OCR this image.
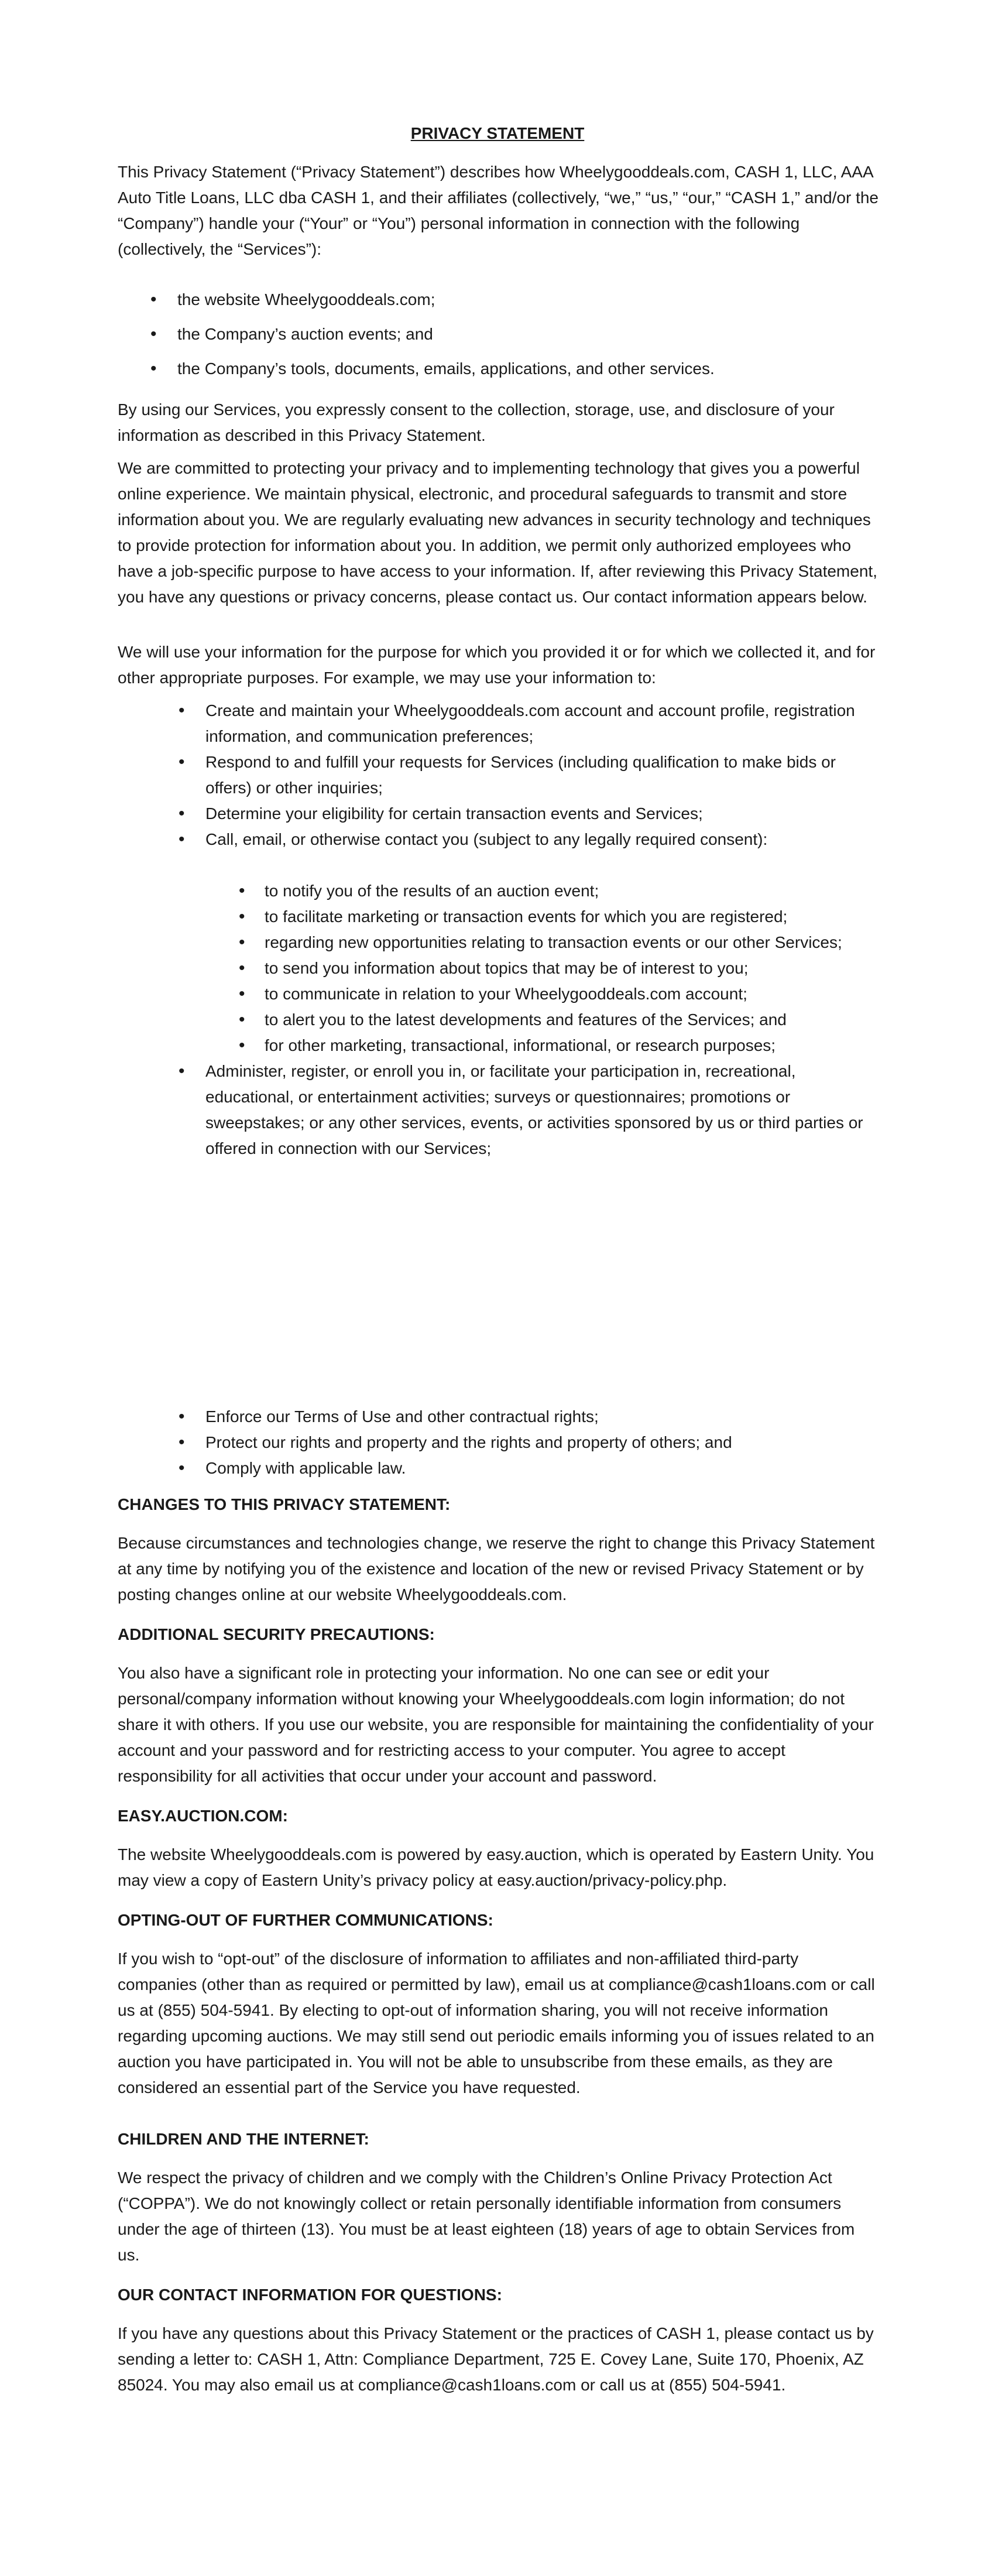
PRIVACY STATEMENT

This Privacy Statement (“Privacy Statement”) describes how Wheelygooddeals.com, CASH 1, LLC, AAA Auto Title Loans, LLC dba CASH 1, and their affiliates (collectively, “we,” “us,” “our,” “CASH 1,” and/or the “Company”) handle your (“Your” or “You”) personal information in connection with the following (collectively, the “Services”):

• the website Wheelygooddeals.com;
• the Company’s auction events; and
• the Company’s tools, documents, emails, applications, and other services.

By using our Services, you expressly consent to the collection, storage, use, and disclosure of your information as described in this Privacy Statement.

We are committed to protecting your privacy and to implementing technology that gives you a powerful online experience. We maintain physical, electronic, and procedural safeguards to transmit and store information about you. We are regularly evaluating new advances in security technology and techniques to provide protection for information about you. In addition, we permit only authorized employees who have a job-specific purpose to have access to your information. If, after reviewing this Privacy Statement, you have any questions or privacy concerns, please contact us. Our contact information appears below.

We will use your information for the purpose for which you provided it or for which we collected it, and for other appropriate purposes. For example, we may use your information to:

• Create and maintain your Wheelygooddeals.com account and account profile, registration information, and communication preferences;
• Respond to and fulfill your requests for Services (including qualification to make bids or offers) or other inquiries;
• Determine your eligibility for certain transaction events and Services;
• Call, email, or otherwise contact you (subject to any legally required consent):
• to notify you of the results of an auction event;
• to facilitate marketing or transaction events for which you are registered;
• regarding new opportunities relating to transaction events or our other Services;
• to send you information about topics that may be of interest to you;
• to communicate in relation to your Wheelygooddeals.com account;
• to alert you to the latest developments and features of the Services; and
• for other marketing, transactional, informational, or research purposes;
• Administer, register, or enroll you in, or facilitate your participation in, recreational, educational, or entertainment activities; surveys or questionnaires; promotions or sweepstakes; or any other services, events, or activities sponsored by us or third parties or offered in connection with our Services;
• Enforce our Terms of Use and other contractual rights;
• Protect our rights and property and the rights and property of others; and
• Comply with applicable law.

CHANGES TO THIS PRIVACY STATEMENT:

Because circumstances and technologies change, we reserve the right to change this Privacy Statement at any time by notifying you of the existence and location of the new or revised Privacy Statement or by posting changes online at our website Wheelygooddeals.com.

ADDITIONAL SECURITY PRECAUTIONS:

You also have a significant role in protecting your information. No one can see or edit your personal/company information without knowing your Wheelygooddeals.com login information; do not share it with others. If you use our website, you are responsible for maintaining the confidentiality of your account and your password and for restricting access to your computer. You agree to accept responsibility for all activities that occur under your account and password.

EASY.AUCTION.COM:

The website Wheelygooddeals.com is powered by easy.auction, which is operated by Eastern Unity. You may view a copy of Eastern Unity’s privacy policy at easy.auction/privacy-policy.php.

OPTING-OUT OF FURTHER COMMUNICATIONS:

If you wish to “opt-out” of the disclosure of information to affiliates and non-affiliated third-party companies (other than as required or permitted by law), email us at compliance@cash1loans.com or call us at (855) 504-5941. By electing to opt-out of information sharing, you will not receive information regarding upcoming auctions. We may still send out periodic emails informing you of issues related to an auction you have participated in. You will not be able to unsubscribe from these emails, as they are considered an essential part of the Service you have requested.

CHILDREN AND THE INTERNET:

We respect the privacy of children and we comply with the Children’s Online Privacy Protection Act (“COPPA”). We do not knowingly collect or retain personally identifiable information from consumers under the age of thirteen (13). You must be at least eighteen (18) years of age to obtain Services from us.

OUR CONTACT INFORMATION FOR QUESTIONS:

If you have any questions about this Privacy Statement or the practices of CASH 1, please contact us by sending a letter to: CASH 1, Attn: Compliance Department, 725 E. Covey Lane, Suite 170, Phoenix, AZ 85024. You may also email us at compliance@cash1loans.com or call us at (855) 504-5941.
